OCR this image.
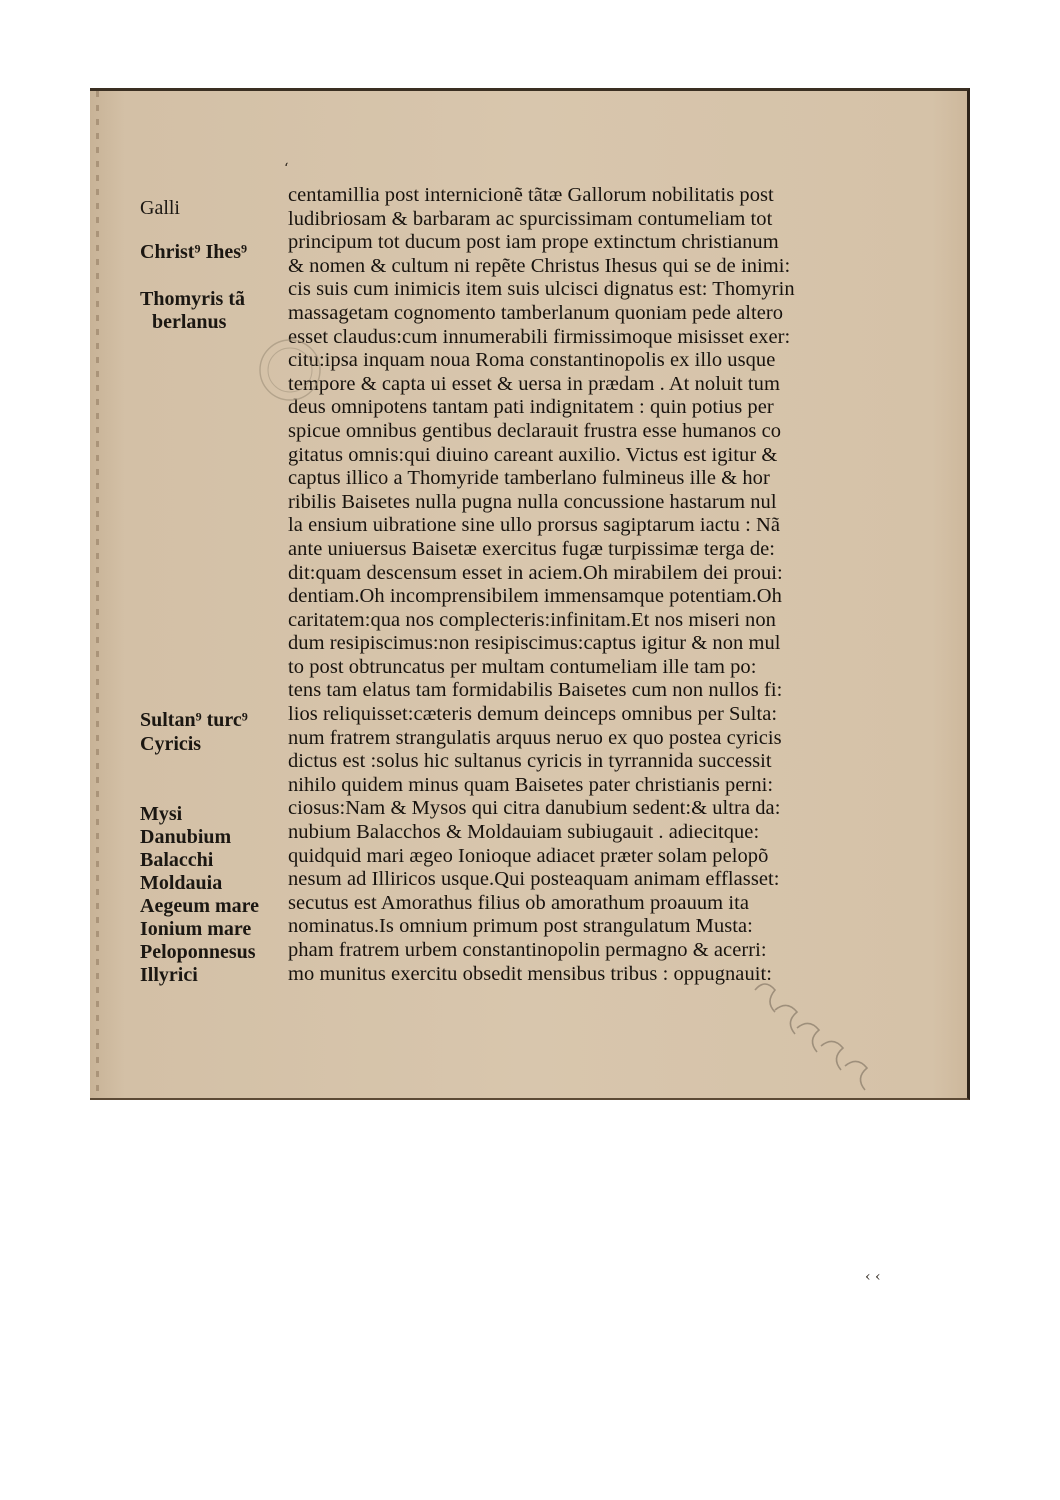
‘
‹ ‹
Galli
Christ⁹ Ihes⁹
Thomyris tã
berlanus
Sultan⁹ turc⁹
Cyricis
Mysi
Danubium
Balacchi
Moldauia
Aegeum mare
Ionium mare
Peloponnesus
Illyrici
centamillia post internicionẽ tãtæ Gallorum nobilitatis post
ludibriosam & barbaram ac spurcissimam contumeliam tot
principum tot ducum post iam prope extinctum christianum
& nomen & cultum ni repẽte Christus Ihesus qui se de inimi:
cis suis cum inimicis item suis ulcisci dignatus est: Thomyrin
massagetam cognomento tamberlanum quoniam pede altero
esset claudus:cum innumerabili firmissimoque misisset exer:
citu:ipsa inquam noua Roma constantinopolis ex illo usque
tempore & capta ui esset & uersa in prædam . At noluit tum
deus omnipotens tantam pati indignitatem : quin potius per
spicue omnibus gentibus declarauit frustra esse humanos co
gitatus omnis:qui diuino careant auxilio. Victus est igitur &
captus illico a Thomyride tamberlano fulmineus ille & hor
ribilis Baisetes nulla pugna nulla concussione hastarum nul
la ensium uibratione sine ullo prorsus sagiptarum iactu : Nã
ante uniuersus Baisetæ exercitus fugæ turpissimæ terga de:
dit:quam descensum esset in aciem.Oh mirabilem dei proui:
dentiam.Oh incomprensibilem immensamque potentiam.Oh
caritatem:qua nos complecteris:infinitam.Et nos miseri non
dum resipiscimus:non resipiscimus:captus igitur & non mul
to post obtruncatus per multam contumeliam ille tam po:
tens tam elatus tam formidabilis Baisetes cum non nullos fi:
lios reliquisset:cæteris demum deinceps omnibus per Sulta:
num fratrem strangulatis arquus neruo ex quo postea cyricis
dictus est :solus hic sultanus cyricis in tyrrannida successit
nihilo quidem minus quam Baisetes pater christianis perni:
ciosus:Nam & Mysos qui citra danubium sedent:& ultra da:
nubium Balacchos & Moldauiam subiugauit . adiecitque:
quidquid mari ægeo Ionioque adiacet præter solam pelopõ
nesum ad Illiricos usque.Qui posteaquam animam efflasset:
secutus est Amorathus filius ob amorathum proauum ita
nominatus.Is omnium primum post strangulatum Musta:
pham fratrem urbem constantinopolin permagno & acerri:
mo munitus exercitu obsedit mensibus tribus : oppugnauit:
